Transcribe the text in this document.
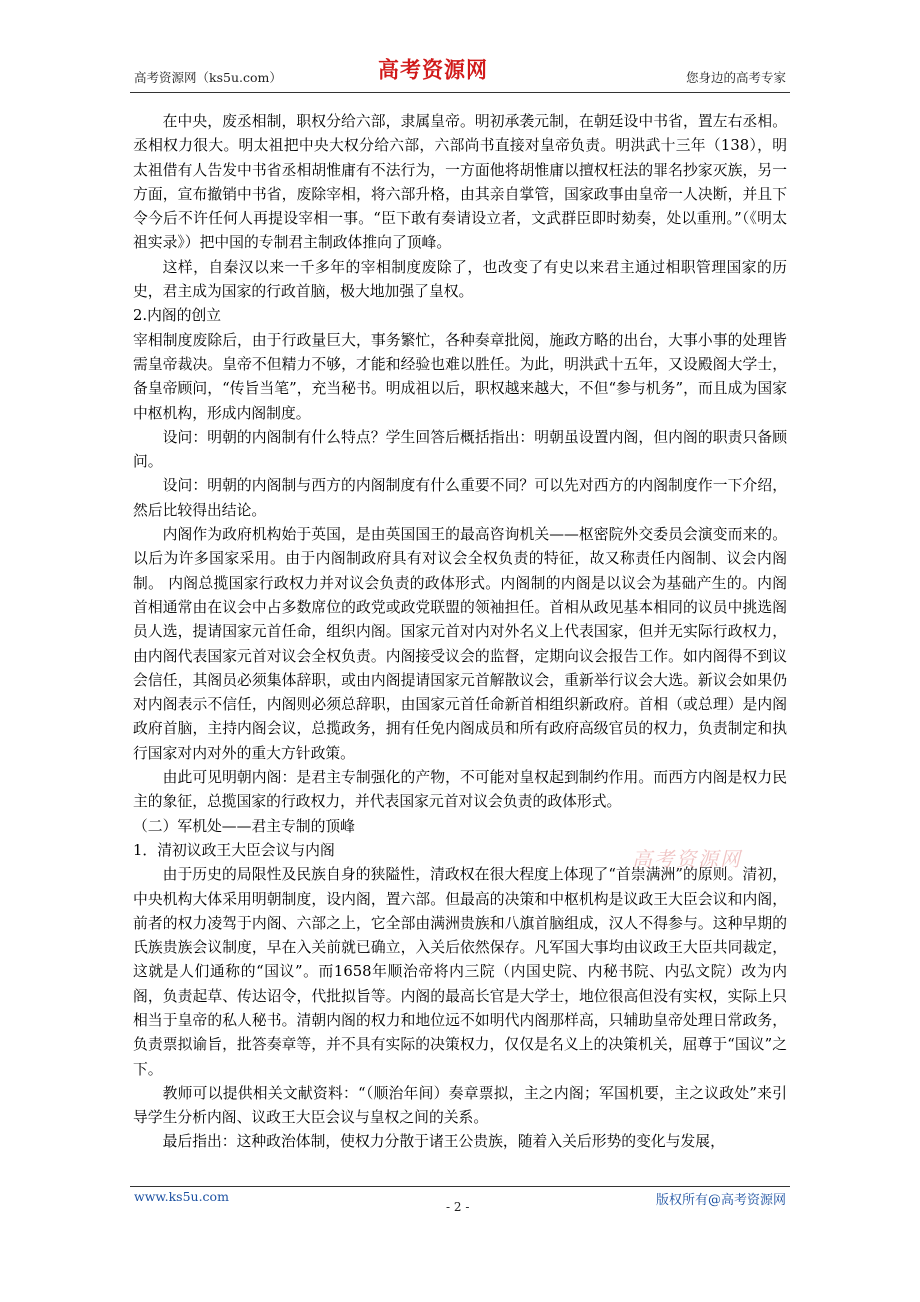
高考资源网（ks5u.com）	高考资源网	您身边的高考专家

在中央，废丞相制，职权分给六部，隶属皇帝。明初承袭元制，在朝廷设中书省，置左右丞相。丞相权力很大。明太祖把中央大权分给六部，六部尚书直接对皇帝负责。明洪武十三年（138），明太祖借有人告发中书省丞相胡惟庸有不法行为，一方面他将胡惟庸以擅权枉法的罪名抄家灭族，另一方面，宣布撤销中书省，废除宰相，将六部升格，由其亲自掌管，国家政事由皇帝一人决断，并且下令今后不许任何人再提设宰相一事。“臣下敢有奏请设立者，文武群臣即时劾奏，处以重刑。”（《明太祖实录》）把中国的专制君主制政体推向了顶峰。

这样，自秦汉以来一千多年的宰相制度废除了，也改变了有史以来君主通过相职管理国家的历史，君主成为国家的行政首脑，极大地加强了皇权。

2.内阁的创立

宰相制度废除后，由于行政量巨大，事务繁忙，各种奏章批阅，施政方略的出台，大事小事的处理皆需皇帝裁决。皇帝不但精力不够，才能和经验也难以胜任。为此，明洪武十五年，又设殿阁大学士，备皇帝顾问，“传旨当笔”，充当秘书。明成祖以后，职权越来越大，不但“参与机务”，而且成为国家中枢机构，形成内阁制度。

设问：明朝的内阁制有什么特点？学生回答后概括指出：明朝虽设置内阁，但内阁的职责只备顾问。

设问：明朝的内阁制与西方的内阁制度有什么重要不同？可以先对西方的内阁制度作一下介绍，然后比较得出结论。

内阁作为政府机构始于英国，是由英国国王的最高咨询机关——枢密院外交委员会演变而来的。以后为许多国家采用。由于内阁制政府具有对议会全权负责的特征，故又称责任内阁制、议会内阁制。 内阁总揽国家行政权力并对议会负责的政体形式。内阁制的内阁是以议会为基础产生的。内阁首相通常由在议会中占多数席位的政党或政党联盟的领袖担任。首相从政见基本相同的议员中挑选阁员人选，提请国家元首任命，组织内阁。国家元首对内对外名义上代表国家，但并无实际行政权力，由内阁代表国家元首对议会全权负责。内阁接受议会的监督，定期向议会报告工作。如内阁得不到议会信任，其阁员必须集体辞职，或由内阁提请国家元首解散议会，重新举行议会大选。新议会如果仍对内阁表示不信任，内阁则必须总辞职，由国家元首任命新首相组织新政府。首相（或总理）是内阁政府首脑，主持内阁会议，总揽政务，拥有任免内阁成员和所有政府高级官员的权力，负责制定和执行国家对内对外的重大方针政策。

由此可见明朝内阁：是君主专制强化的产物，不可能对皇权起到制约作用。而西方内阁是权力民主的象征，总揽国家的行政权力，并代表国家元首对议会负责的政体形式。

（二）军机处——君主专制的顶峰

1．清初议政王大臣会议与内阁

由于历史的局限性及民族自身的狭隘性，清政权在很大程度上体现了“首崇满洲”的原则。清初，中央机构大体采用明朝制度，设内阁，置六部。但最高的决策和中枢机构是议政王大臣会议和内阁，前者的权力凌驾于内阁、六部之上，它全部由满洲贵族和八旗首脑组成，汉人不得参与。这种早期的氏族贵族会议制度，早在入关前就已确立，入关后依然保存。凡军国大事均由议政王大臣共同裁定，这就是人们通称的“国议”。而1658年顺治帝将内三院（内国史院、内秘书院、内弘文院）改为内阁，负责起草、传达诏令，代批拟旨等。内阁的最高长官是大学士，地位很高但没有实权，实际上只相当于皇帝的私人秘书。清朝内阁的权力和地位远不如明代内阁那样高，只辅助皇帝处理日常政务，负责票拟谕旨，批答奏章等，并不具有实际的决策权力，仅仅是名义上的决策机关，屈尊于“国议”之下。

教师可以提供相关文献资料：“（顺治年间）奏章票拟，主之内阁；军国机要，主之议政处”来引导学生分析内阁、议政王大臣会议与皇权之间的关系。

最后指出：这种政治体制，使权力分散于诸王公贵族，随着入关后形势的变化与发展，

高考资源网
www.ks5u.com
- 2 -	版权所有@高考资源网
